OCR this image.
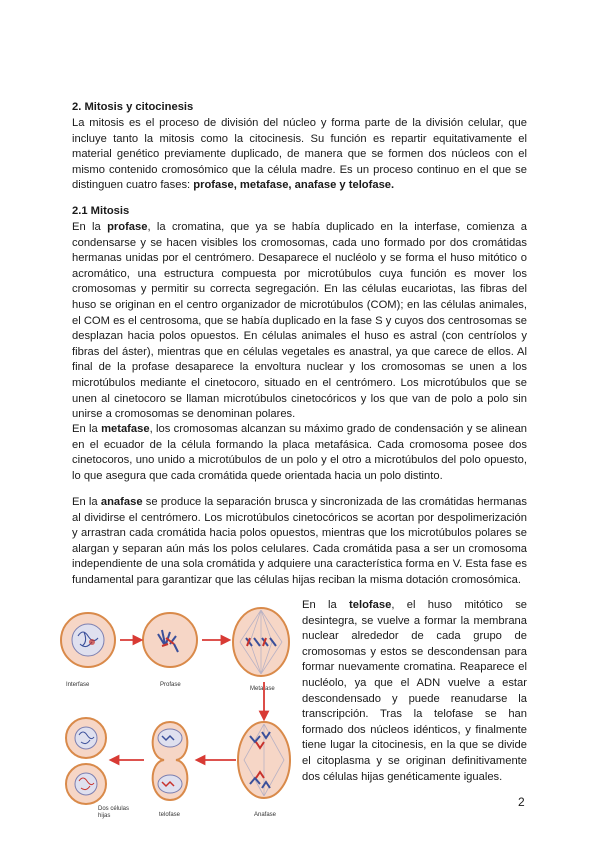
2. Mitosis y citocinesis

La mitosis es el proceso de división del núcleo y forma parte de la división celular, que incluye tanto la mitosis como la citocinesis. Su función es repartir equitativamente el material genético previamente duplicado, de manera que se formen dos núcleos con el mismo contenido cromosómico que la célula madre. Es un proceso continuo en el que se distinguen cuatro fases: profase, metafase, anafase y telofase.

2.1 Mitosis

En la profase, la cromatina, que ya se había duplicado en la interfase, comienza a condensarse y se hacen visibles los cromosomas, cada uno formado por dos cromátidas hermanas unidas por el centrómero. Desaparece el nucléolo y se forma el huso mitótico o acromático, una estructura compuesta por microtúbulos cuya función es mover los cromosomas y permitir su correcta segregación. En las células eucariotas, las fibras del huso se originan en el centro organizador de microtúbulos (COM); en las células animales, el COM es el centrosoma, que se había duplicado en la fase S y cuyos dos centrosomas se desplazan hacia polos opuestos. En células animales el huso es astral (con centríolos y fibras del áster), mientras que en células vegetales es anastral, ya que carece de ellos. Al final de la profase desaparece la envoltura nuclear y los cromosomas se unen a los microtúbulos mediante el cinetocoro, situado en el centrómero. Los microtúbulos que se unen al cinetocoro se llaman microtúbulos cinetocóricos y los que van de polo a polo sin unirse a cromosomas se denominan polares.

En la metafase, los cromosomas alcanzan su máximo grado de condensación y se alinean en el ecuador de la célula formando la placa metafásica. Cada cromosoma posee dos cinetocoros, uno unido a microtúbulos de un polo y el otro a microtúbulos del polo opuesto, lo que asegura que cada cromátida quede orientada hacia un polo distinto.

En la anafase se produce la separación brusca y sincronizada de las cromátidas hermanas al dividirse el centrómero. Los microtúbulos cinetocóricos se acortan por despolimerización y arrastran cada cromátida hacia polos opuestos, mientras que los microtúbulos polares se alargan y separan aún más los polos celulares. Cada cromátida pasa a ser un cromosoma independiente de una sola cromátida y adquiere una característica forma en V. Esta fase es fundamental para garantizar que las células hijas reciban la misma dotación cromosómica.

En la telofase, el huso mitótico se desintegra, se vuelve a formar la membrana nuclear alrededor de cada grupo de cromosomas y estos se descondensan para formar nuevamente cromatina. Reaparece el nucléolo, ya que el ADN vuelve a estar descondensado y puede reanudarse la transcripción. Tras la telofase se han formado dos núcleos idénticos, y finalmente tiene lugar la citocinesis, en la que se divide el citoplasma y se originan definitivamente dos células hijas genéticamente iguales.

Interfase	Profase
Metafase
Anafase
telofase
Dos células
hijas
2
